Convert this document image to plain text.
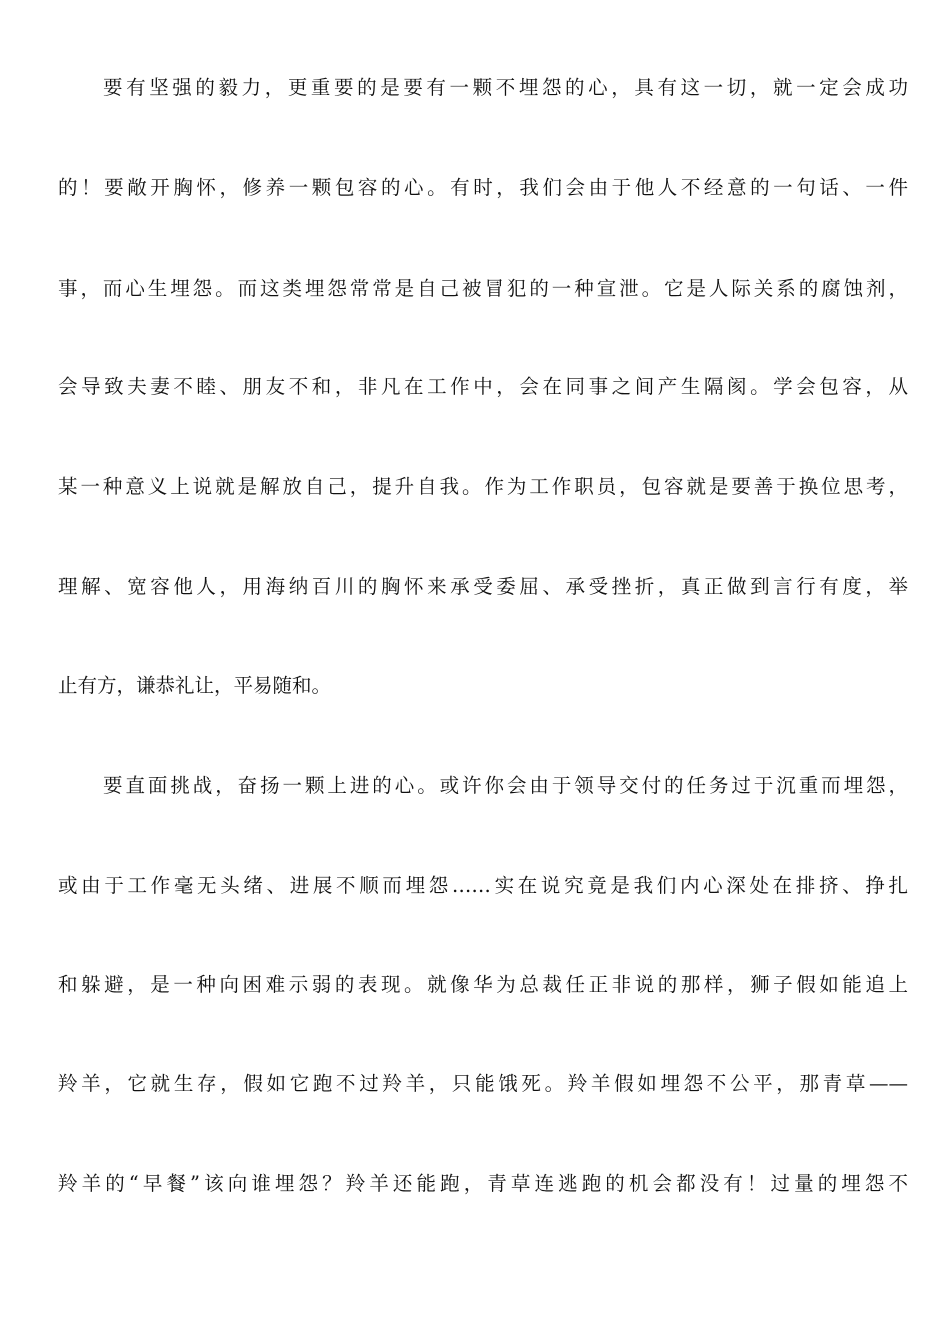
要有坚强的毅力，更重要的是要有一颗不埋怨的心，具有这一切，就一定会成功
的！要敞开胸怀，修养一颗包容的心。有时，我们会由于他人不经意的一句话、一件
事，而心生埋怨。而这类埋怨常常是自己被冒犯的一种宣泄。它是人际关系的腐蚀剂，
会导致夫妻不睦、朋友不和，非凡在工作中，会在同事之间产生隔阂。学会包容，从
某一种意义上说就是解放自己，提升自我。作为工作职员，包容就是要善于换位思考，
理解、宽容他人，用海纳百川的胸怀来承受委屈、承受挫折，真正做到言行有度，举
止有方，谦恭礼让，平易随和。
要直面挑战，奋扬一颗上进的心。或许你会由于领导交付的任务过于沉重而埋怨，
或由于工作毫无头绪、进展不顺而埋怨……实在说究竟是我们内心深处在排挤、挣扎
和躲避，是一种向困难示弱的表现。就像华为总裁任正非说的那样，狮子假如能追上
羚羊，它就生存，假如它跑不过羚羊，只能饿死。羚羊假如埋怨不公平，那青草——
羚羊的“早餐”该向谁埋怨？羚羊还能跑，青草连逃跑的机会都没有！过量的埋怨不
